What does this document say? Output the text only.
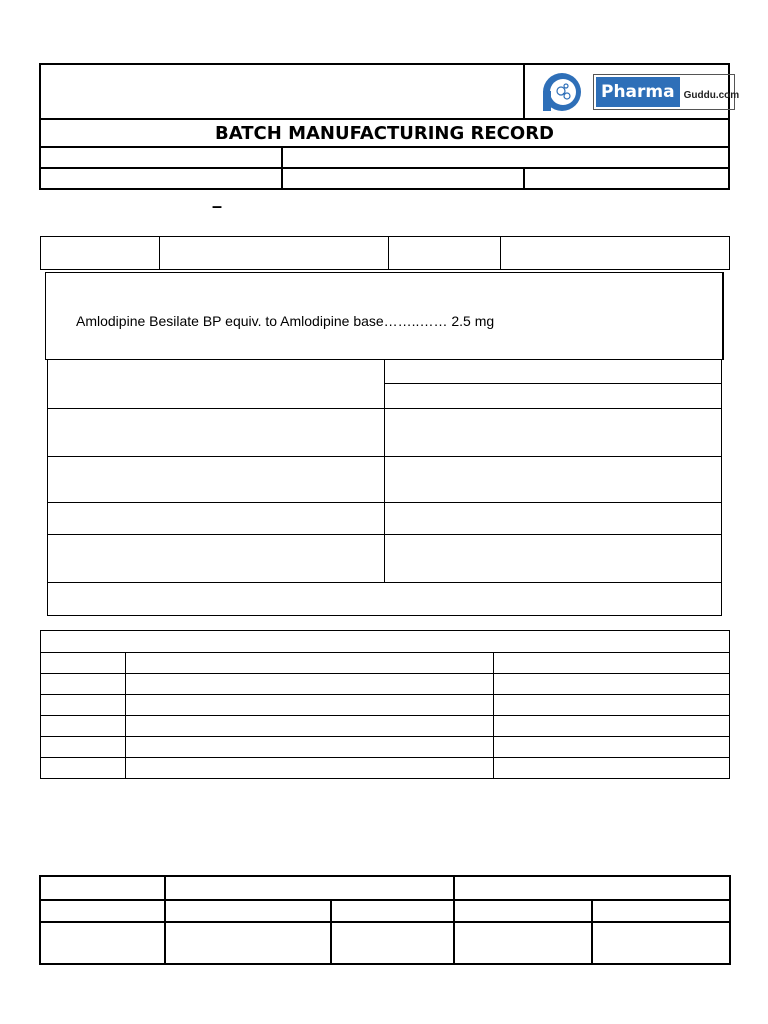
		Pharma Guddu.com

BATCH MANUFACTURING RECORD		

–

Amlodipine Besilate BP equiv. to Amlodipine base……..…… 2.5 mg
